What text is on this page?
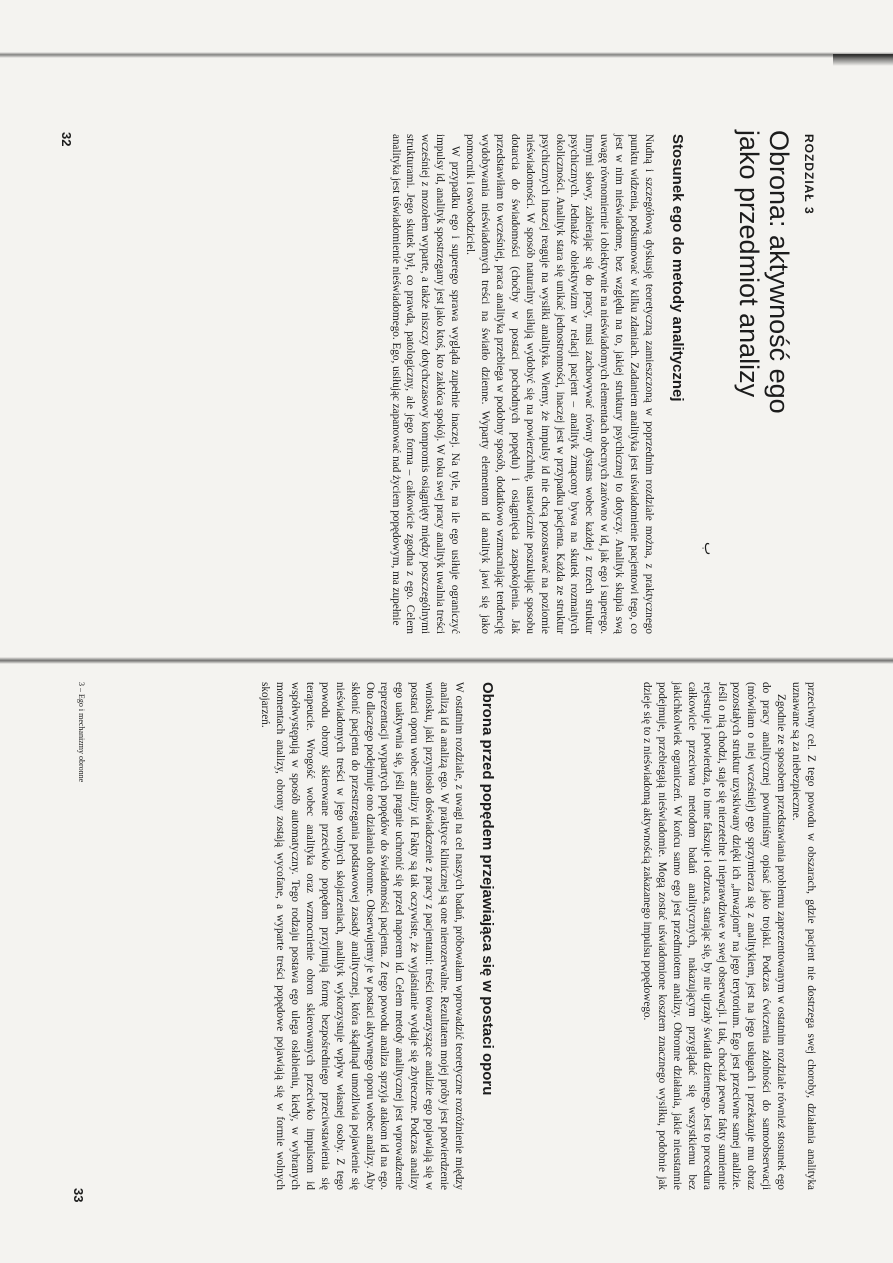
ROZDZIAŁ 3
Obrona: aktywność ego
jako przedmiot analizy
ب
Stosunek ego do metody analitycznej

Nudną i szczegółową dyskusję teoretyczną zamieszczoną w poprzednim rozdziale można, z praktycznego punktu widzenia, podsumować w kilku zdaniach. Zadaniem analityka jest uświadomienie pacjentowi tego, co jest w nim nieświadome, bez względu na to, jakiej struktury psychicznej to dotyczy. Analityk skupia swą uwagę równomiernie i obiektywnie na nieświadomych elementach obecnych zarówno w id, jak ego i superego. Innymi słowy, zabierając się do pracy, musi zachowywać równy dystans wobec każdej z trzech struktur psychicznych. Jednakże obiektywizm w relacji pacjent – analityk zmącony bywa na skutek rozmaitych okoliczności. Analityk stara się unikać jednostronności, inaczej jest w przypadku pacjenta. Każda ze struktur psychicznych inaczej reaguje na wysiłki analityka. Wiemy, że impulsy id nie chcą pozostawać na poziomie nieświadomości. W sposób naturalny usiłują wydobyć się na powierzchnię, ustawicznie poszukując sposobu dotarcia do świadomości (choćby w postaci pochodnych popędu) i osiągnięcia zaspokojenia. Jak przedstawiłam to wcześniej, praca analityka przebiega w podobny sposób, dodatkowo wzmacniając tendencję wydobywania nieświadomych treści na światło dzienne. Wyparty elementom id analityk jawi się jako pomocnik i oswobodziciel.

W przypadku ego i superego sprawa wygląda zupełnie inaczej. Na tyle, na ile ego usiłuje ograniczyć impulsy id, analityk spostrzegany jest jako ktoś, kto zakłóca spokój. W toku swej pracy analityk uwalnia treści wcześniej z mozołem wyparte, a także niszczy dotychczasowy kompromis osiągnięty między poszczególnymi strukturami. Jego skutek był, co prawda, patologiczny, ale jego forma – całkowicie zgodna z ego. Celem analityka jest uświadomienie nieświadomego. Ego, usiłując zapanować nad życiem popędowym, ma zupełnie

32

przeciwny cel. Z tego powodu w obszarach, gdzie pacjent nie dostrzega swej choroby, działania analityka uznawane są za niebezpieczne.

Zgodnie ze sposobem przedstawiania problemu zaprezentowanym w ostatnim rozdziale również stosunek ego do pracy analitycznej powinniśmy opisać jako trojaki. Podczas ćwiczenia zdolności do samoobserwacji (mówiłam o niej wcześniej) ego sprzymierza się z analitykiem, jest na jego usługach i przekazuje mu obraz pozostałych struktur uzyskiwany dzięki ich „inwazjom” na jego terytorium. Ego jest przeciwne samej analizie. Jeśli o nią chodzi, staje się nierzetelne i nieprawdziwe w swej obserwacji. I tak, chociaż pewne fakty sumiennie rejestruje i potwierdza, to inne fałszuje i odrzuca, starając się, by nie ujrzały światła dziennego. Jest to procedura całkowicie przeciwna metodom badań analitycznych, nakazującym przyglądać się wszystkiemu bez jakichkolwiek ograniczeń. W końcu samo ego jest przedmiotem analizy. Obronne działania, jakie nieustannie podejmuje, przebiegają nieświadomie. Mogą zostać uświadomione kosztem znacznego wysiłku, podobnie jak dzieje się to z nieświadomą aktywnością zakazanego impulsu popędowego.

Obrona przed popędem przejawiająca się w postaci oporu

W ostatnim rozdziale, z uwagi na cel naszych badań, próbowałam wprowadzić teoretyczne rozróżnienie między analizą id a analizą ego. W praktyce klinicznej są one nierozerwalne. Rezultatem mojej próby jest potwierdzenie wniosku, jaki przyniosło doświadczenie z pracy z pacjentami: treści towarzyszące analizie ego pojawiają się w postaci oporu wobec analizy id. Fakty są tak oczywiste, że wyjaśnianie wydaje się zbyteczne. Podczas analizy ego uaktywnia się, jeśli pragnie uchronić się przed naporem id. Celem metody analitycznej jest wprowadzenie reprezentacji wypartych popędów do świadomości pacjenta. Z tego powodu analiza sprzyja atakom id na ego. Oto dlaczego podejmuje ono działania obronne. Obserwujemy je w postaci aktywnego oporu wobec analizy. Aby skłonić pacjenta do przestrzegania podstawowej zasady analitycznej, która skądinąd umożliwia pojawienie się nieświadomych treści w jego wolnych skojarzeniach, analityk wykorzystuje wpływ własnej osoby. Z tego powodu obrony skierowane przeciwko popędom przyjmują formę bezpośredniego przeciwstawienia się terapeucie. Wrogość wobec analityka oraz wzmocnienie obron skierowanych przeciwko impulsom id współwystępują w sposób automatyczny. Tego rodzaju postawa ego ulega osłabieniu, kiedy, w wybranych momentach analizy, obrony zostają wycofane, a wyparte treści popędowe pojawiają się w formie wolnych skojarzeń.

3 – Ego i mechanizmy obronne
33
